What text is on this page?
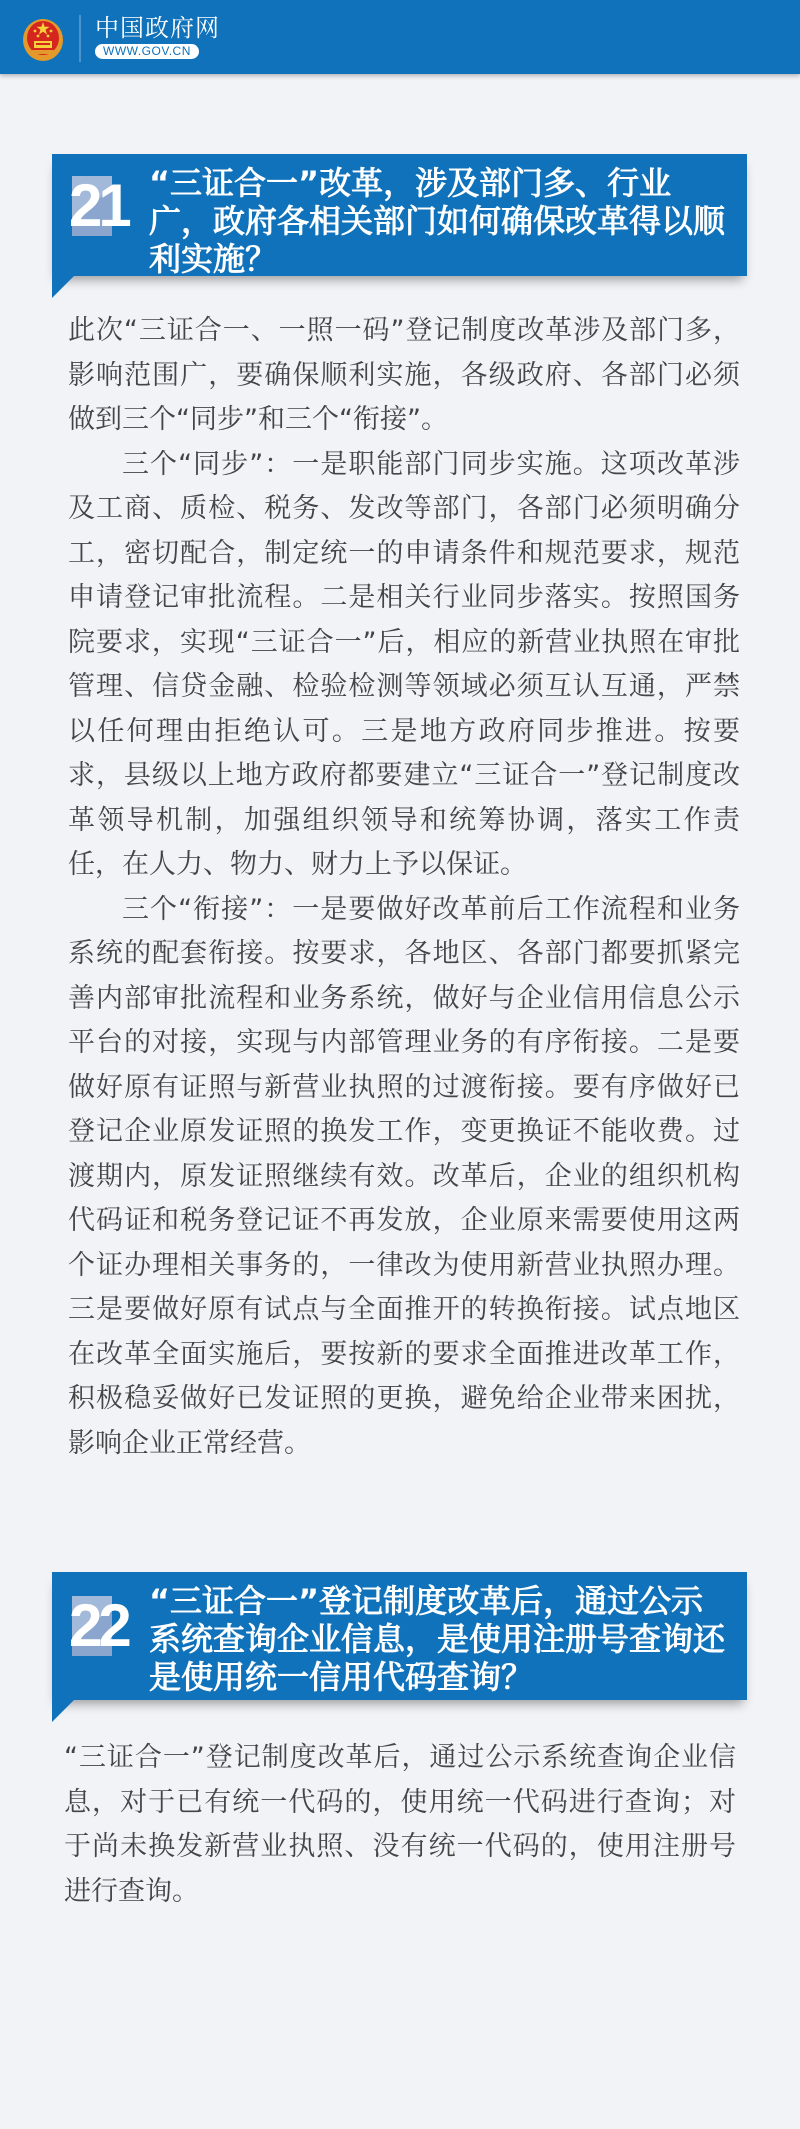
中国政府网
WWW.GOV.CN
21 “三证合一”改革，涉及部门多、行业广，政府各相关部门如何确保改革得以顺利实施？

此次“三证合一、一照一码”登记制度改革涉及部门多，影响范围广，要确保顺利实施，各级政府、各部门必须做到三个“同步”和三个“衔接”。

三个“同步”：一是职能部门同步实施。这项改革涉及工商、质检、税务、发改等部门，各部门必须明确分工，密切配合，制定统一的申请条件和规范要求，规范申请登记审批流程。二是相关行业同步落实。按照国务院要求，实现“三证合一”后，相应的新营业执照在审批管理、信贷金融、检验检测等领域必须互认互通，严禁以任何理由拒绝认可。三是地方政府同步推进。按要求，县级以上地方政府都要建立“三证合一”登记制度改革领导机制，加强组织领导和统筹协调，落实工作责任，在人力、物力、财力上予以保证。

三个“衔接”：一是要做好改革前后工作流程和业务系统的配套衔接。按要求，各地区、各部门都要抓紧完善内部审批流程和业务系统，做好与企业信用信息公示平台的对接，实现与内部管理业务的有序衔接。二是要做好原有证照与新营业执照的过渡衔接。要有序做好已登记企业原发证照的换发工作，变更换证不能收费。过渡期内，原发证照继续有效。改革后，企业的组织机构代码证和税务登记证不再发放，企业原来需要使用这两个证办理相关事务的，一律改为使用新营业执照办理。三是要做好原有试点与全面推开的转换衔接。试点地区在改革全面实施后，要按新的要求全面推进改革工作，积极稳妥做好已发证照的更换，避免给企业带来困扰，影响企业正常经营。

22 “三证合一”登记制度改革后，通过公示系统查询企业信息，是使用注册号查询还是使用统一信用代码查询？

“三证合一”登记制度改革后，通过公示系统查询企业信息，对于已有统一代码的，使用统一代码进行查询；对于尚未换发新营业执照、没有统一代码的，使用注册号进行查询。
